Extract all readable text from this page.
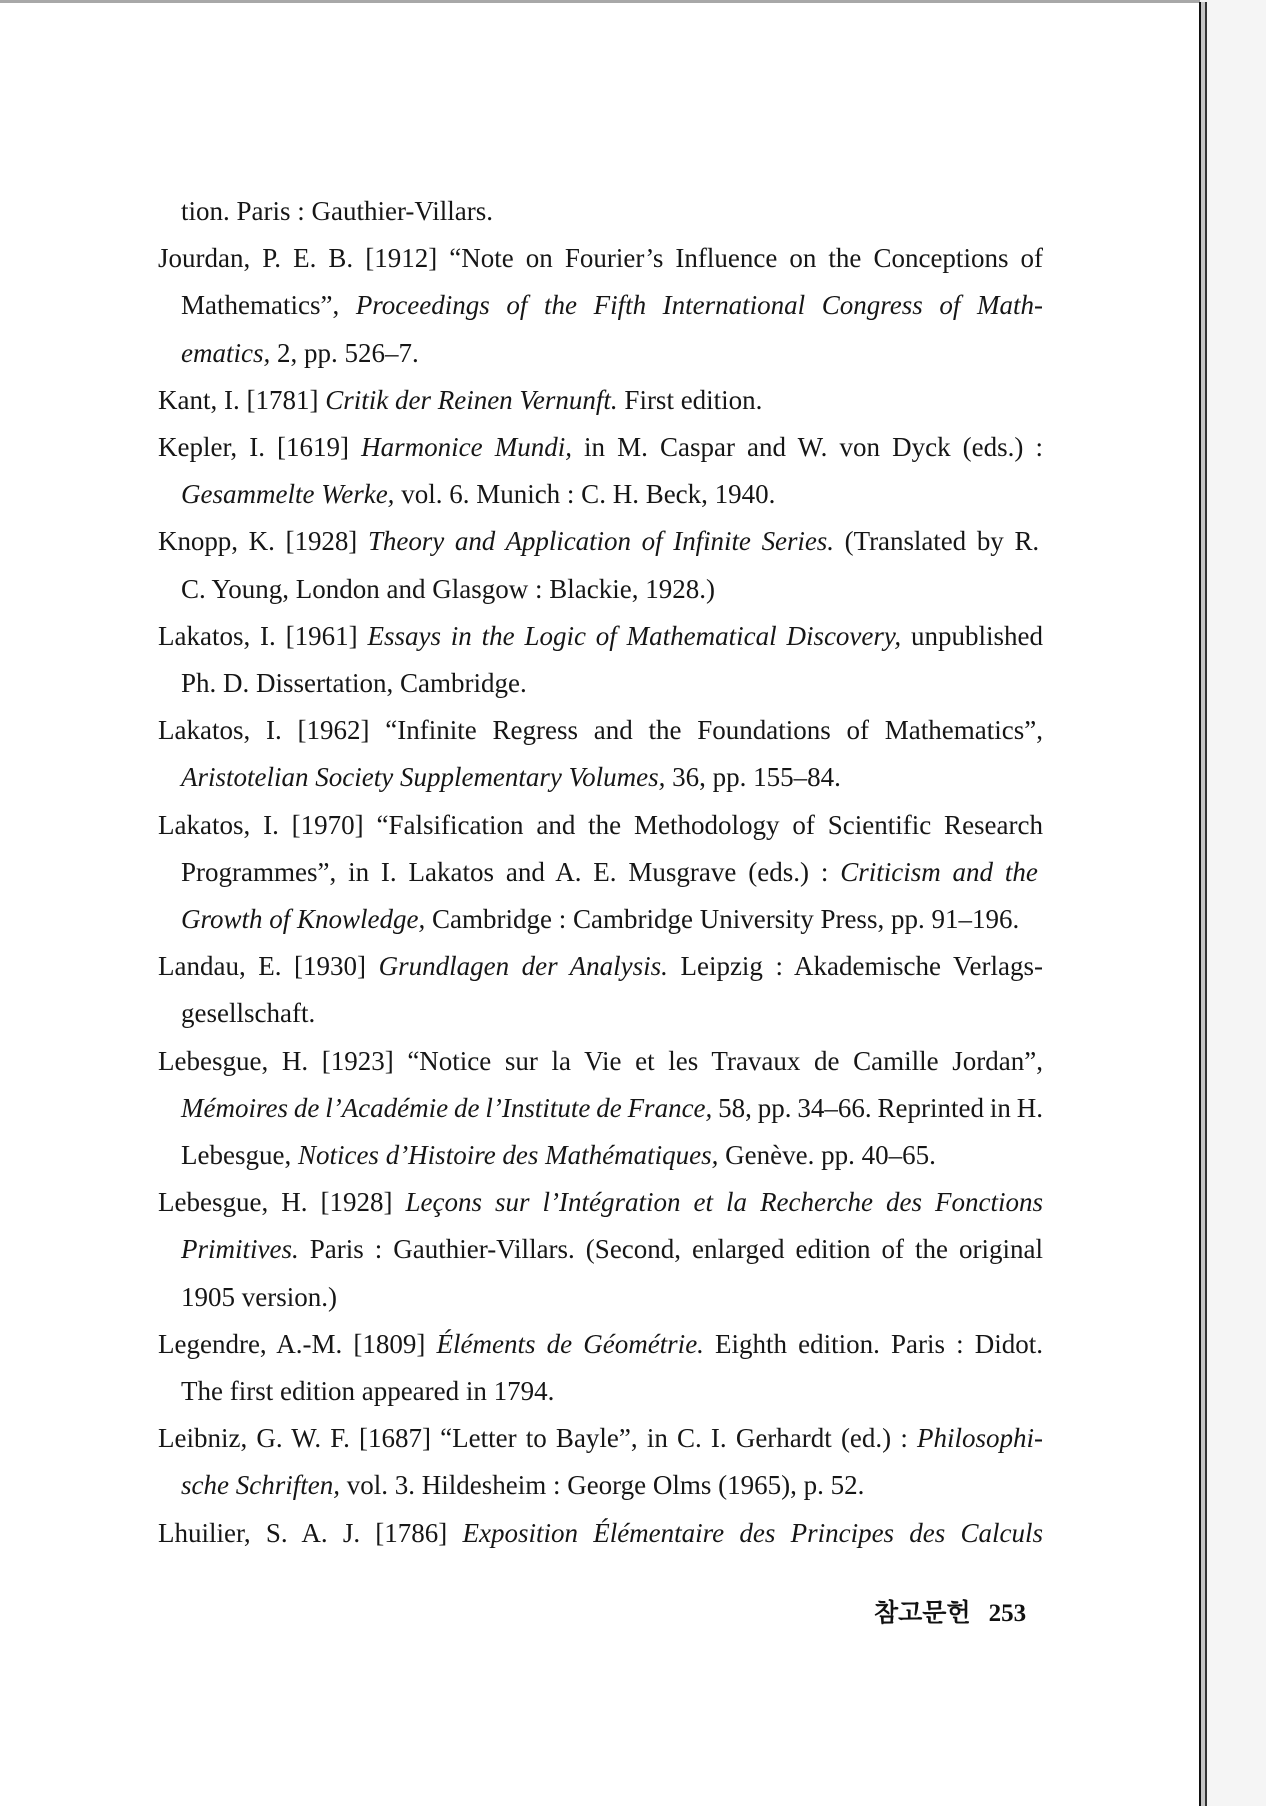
tion. Paris : Gauthier-Villars.
Jourdan, P. E. B. [1912] “Note on Fourier’s Influence on the Conceptions of
Mathematics”, Proceedings of the Fifth International Congress of Math-
ematics, 2, pp. 526–7.
Kant, I. [1781] Critik der Reinen Vernunft. First edition.
Kepler, I. [1619] Harmonice Mundi, in M. Caspar and W. von Dyck (eds.) :
Gesammelte Werke, vol. 6. Munich : C. H. Beck, 1940.
Knopp, K. [1928] Theory and Application of Infinite Series. (Translated by R.
C. Young, London and Glasgow : Blackie, 1928.)
Lakatos, I. [1961] Essays in the Logic of Mathematical Discovery, unpublished
Ph. D. Dissertation, Cambridge.
Lakatos, I. [1962] “Infinite Regress and the Foundations of Mathematics”,
Aristotelian Society Supplementary Volumes, 36, pp. 155–84.
Lakatos, I. [1970] “Falsification and the Methodology of Scientific Research
Programmes”, in I. Lakatos and A. E. Musgrave (eds.) : Criticism and the
Growth of Knowledge, Cambridge : Cambridge University Press, pp. 91–196.
Landau, E. [1930] Grundlagen der Analysis. Leipzig : Akademische Verlags-
gesellschaft.
Lebesgue, H. [1923] “Notice sur la Vie et les Travaux de Camille Jordan”,
Mémoires de l’Académie de l’Institute de France, 58, pp. 34–66. Reprinted in H.
Lebesgue, Notices d’Histoire des Mathématiques, Genève. pp. 40–65.
Lebesgue, H. [1928] Leçons sur l’Intégration et la Recherche des Fonctions
Primitives. Paris : Gauthier-Villars. (Second, enlarged edition of the original
1905 version.)
Legendre, A.-M. [1809] Éléments de Géométrie. Eighth edition. Paris : Didot.
The first edition appeared in 1794.
Leibniz, G. W. F. [1687] “Letter to Bayle”, in C. I. Gerhardt (ed.) : Philosophi-
sche Schriften, vol. 3. Hildesheim : George Olms (1965), p. 52.
Lhuilier, S. A. J. [1786] Exposition Élémentaire des Principes des Calculs
참고문헌 253
